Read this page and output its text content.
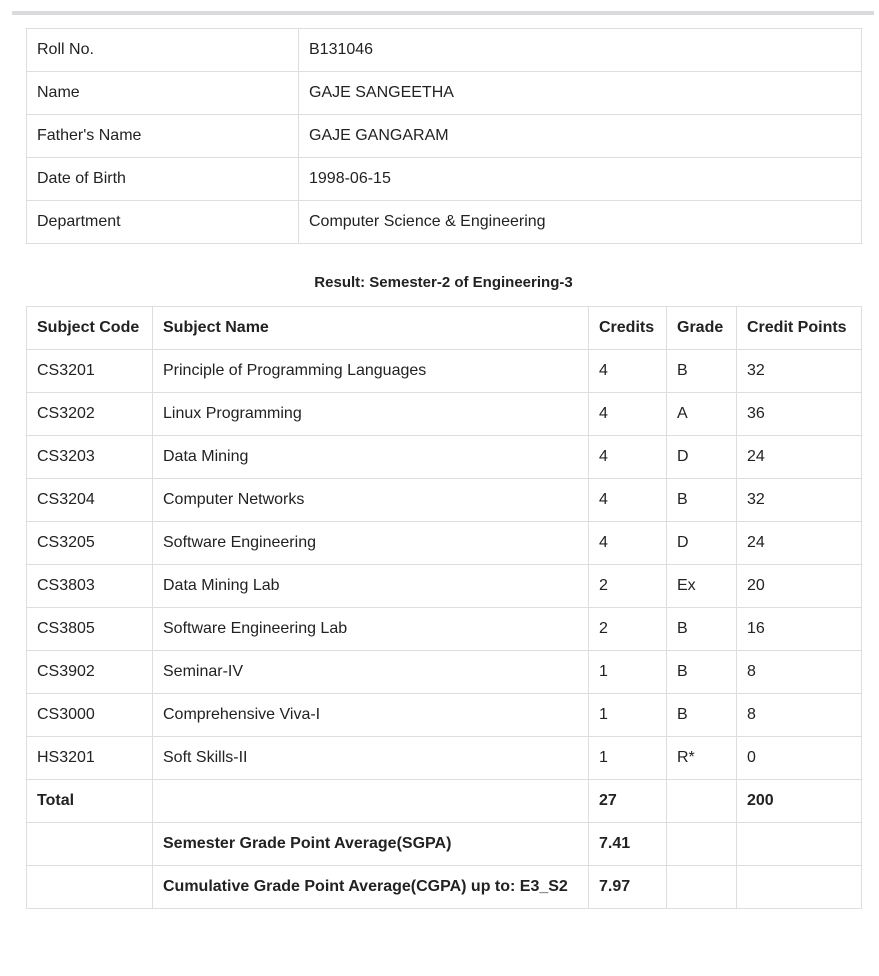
Roll No.	B131046
Name	GAJE SANGEETHA
Father's Name	GAJE GANGARAM
Date of Birth	1998-06-15
Department	Computer Science & Engineering
Result: Semester-2 of Engineering-3
Subject Code	Subject Name	Credits	Grade	Credit Points
CS3201	Principle of Programming Languages	4	B	32
CS3202	Linux Programming	4	A	36
CS3203	Data Mining	4	D	24
CS3204	Computer Networks	4	B	32
CS3205	Software Engineering	4	D	24
CS3803	Data Mining Lab	2	Ex	20
CS3805	Software Engineering Lab	2	B	16
CS3902	Seminar-IV	1	B	8
CS3000	Comprehensive Viva-I	1	B	8
HS3201	Soft Skills-II	1	R*	0
Total		27		200
	Semester Grade Point Average(SGPA)	7.41		
	Cumulative Grade Point Average(CGPA) up to: E3_S2	7.97		
